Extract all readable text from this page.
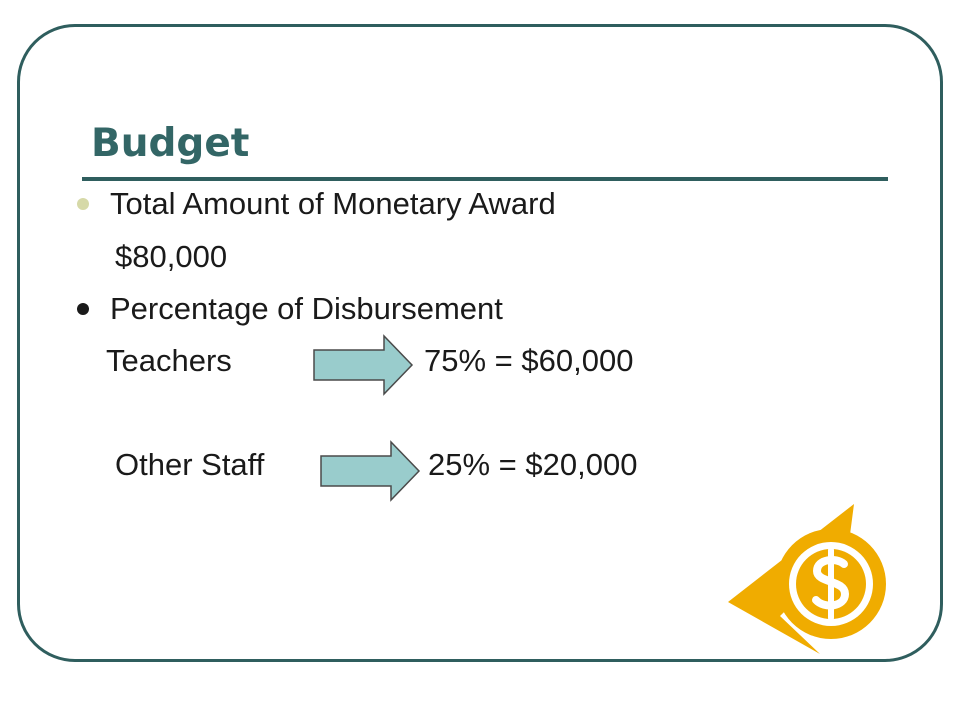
Budget
Total Amount of Monetary Award
$80,000
Percentage of Disbursement
Teachers	75% = $60,000
Other Staff	25% = $20,000
